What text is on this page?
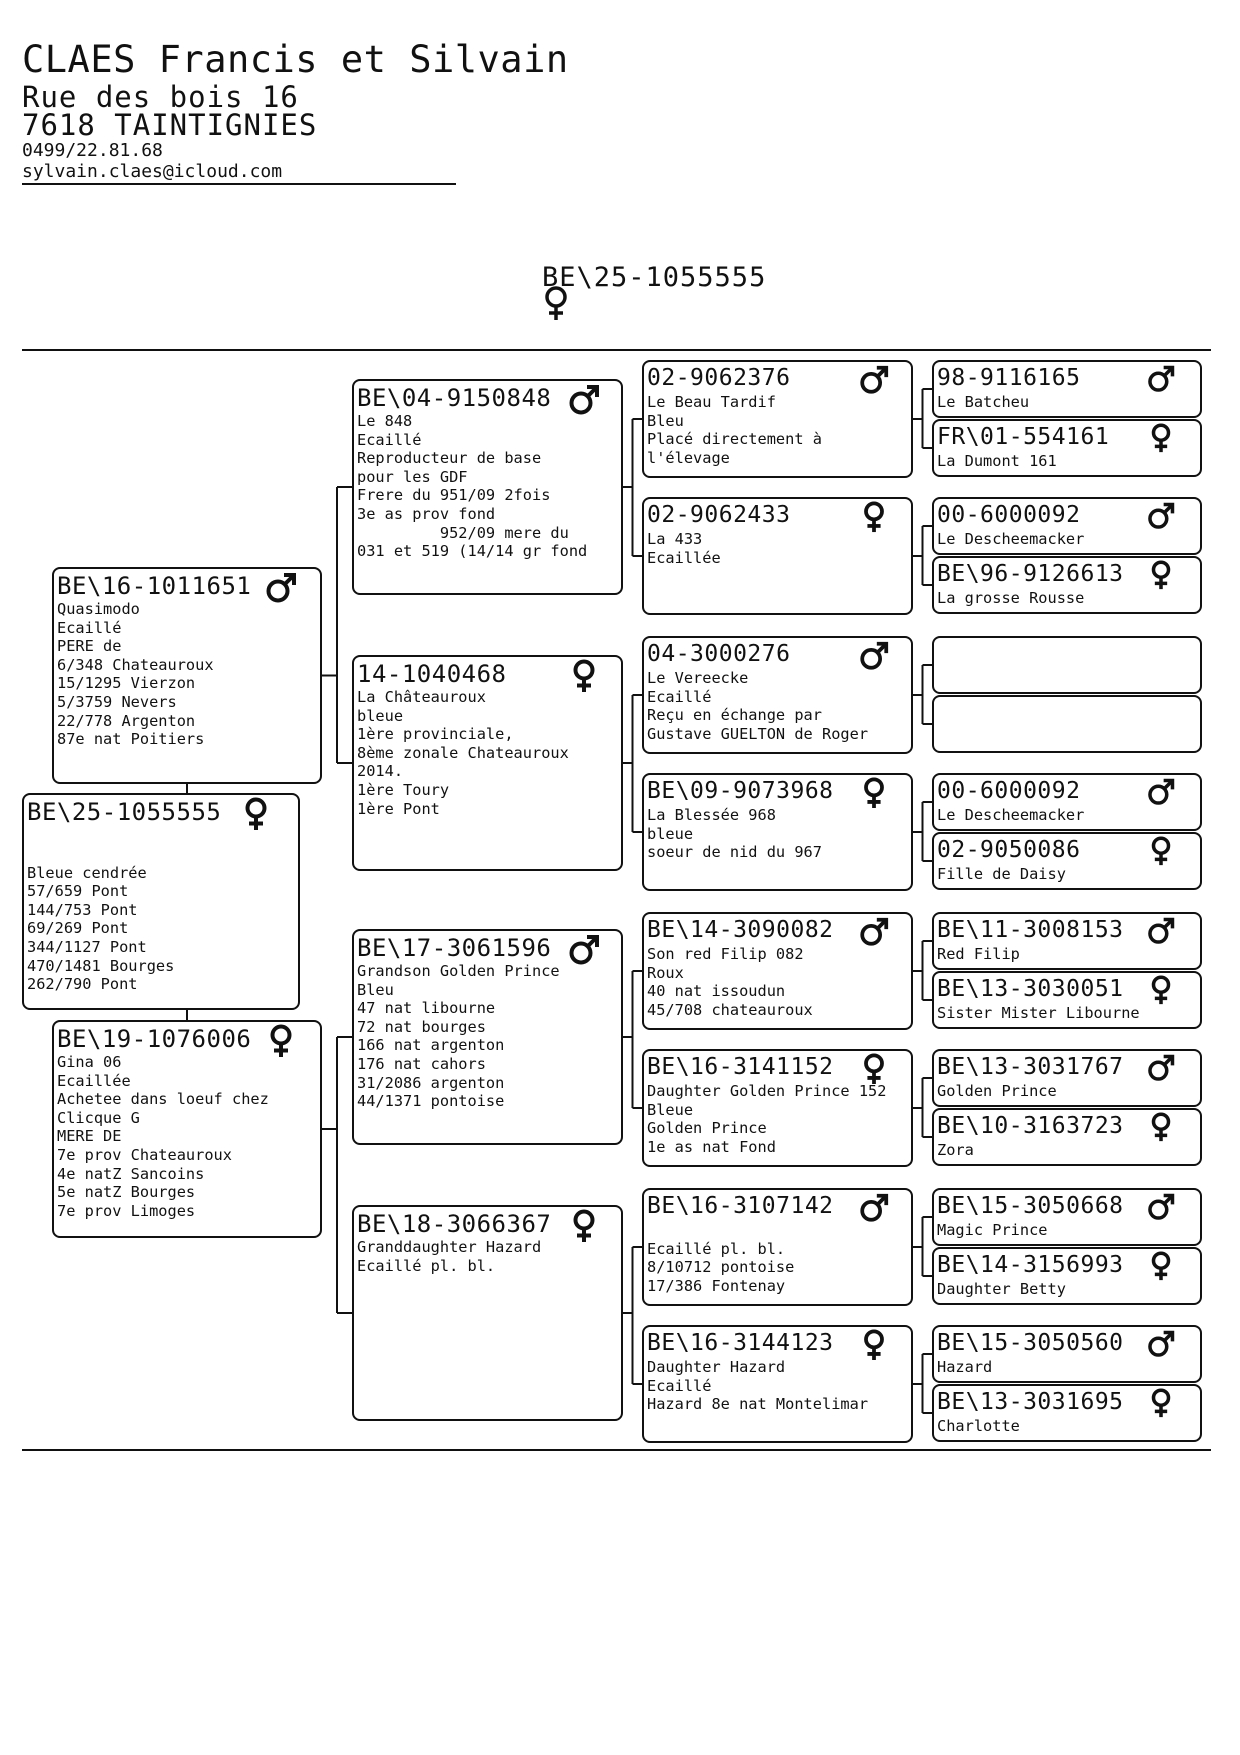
CLAES Francis et Silvain
Rue des bois 16
7618 TAINTIGNIES
0499/22.81.68
sylvain.claes@icloud.com
BE\25-1055555
BE\25-1055555

Bleue cendrée
57/659 Pont
144/753 Pont
69/269 Pont
344/1127 Pont
470/1481 Bourges
262/790 Pont
BE\16-1011651
Quasimodo
Ecaillé
PERE de
6/348 Chateauroux
15/1295 Vierzon
5/3759 Nevers
22/778 Argenton
87e nat Poitiers
BE\19-1076006
Gina 06
Ecaillée
Achetee dans loeuf chez
Clicque G
MERE DE
7e prov Chateauroux
4e natZ Sancoins
5e natZ Bourges
7e prov Limoges
BE\04-9150848
Le 848
Ecaillé
Reproducteur de base
pour les GDF
Frere du 951/09 2fois
3e as prov fond
952/09 mere du
031 et 519 (14/14 gr fond
14-1040468
La Châteauroux
bleue
1ère provinciale,
8ème zonale Chateauroux
2014.
1ère Toury
1ère Pont
BE\17-3061596
Grandson Golden Prince
Bleu
47 nat libourne
72 nat bourges
166 nat argenton
176 nat cahors
31/2086 argenton
44/1371 pontoise
BE\18-3066367
Granddaughter Hazard
Ecaillé pl. bl.
02-9062376
Le Beau Tardif
Bleu
Placé directement à
l'élevage
02-9062433
La 433
Ecaillée
04-3000276
Le Vereecke
Ecaillé
Reçu en échange par
Gustave GUELTON de Roger
BE\09-9073968
La Blessée 968
bleue
soeur de nid du 967
BE\14-3090082
Son red Filip 082
Roux
40 nat issoudun
45/708 chateauroux
BE\16-3141152
Daughter Golden Prince 152
Bleue
Golden Prince
1e as nat Fond
BE\16-3107142

Ecaillé pl. bl.
8/10712 pontoise
17/386 Fontenay
BE\16-3144123
Daughter Hazard
Ecaillé
Hazard 8e nat Montelimar
98-9116165
Le Batcheu
FR\01-554161
La Dumont 161
00-6000092
Le Descheemacker
BE\96-9126613
La grosse Rousse
00-6000092
Le Descheemacker
02-9050086
Fille de Daisy
BE\11-3008153
Red Filip
BE\13-3030051
Sister Mister Libourne
BE\13-3031767
Golden Prince
BE\10-3163723
Zora
BE\15-3050668
Magic Prince
BE\14-3156993
Daughter Betty
BE\15-3050560
Hazard
BE\13-3031695
Charlotte
